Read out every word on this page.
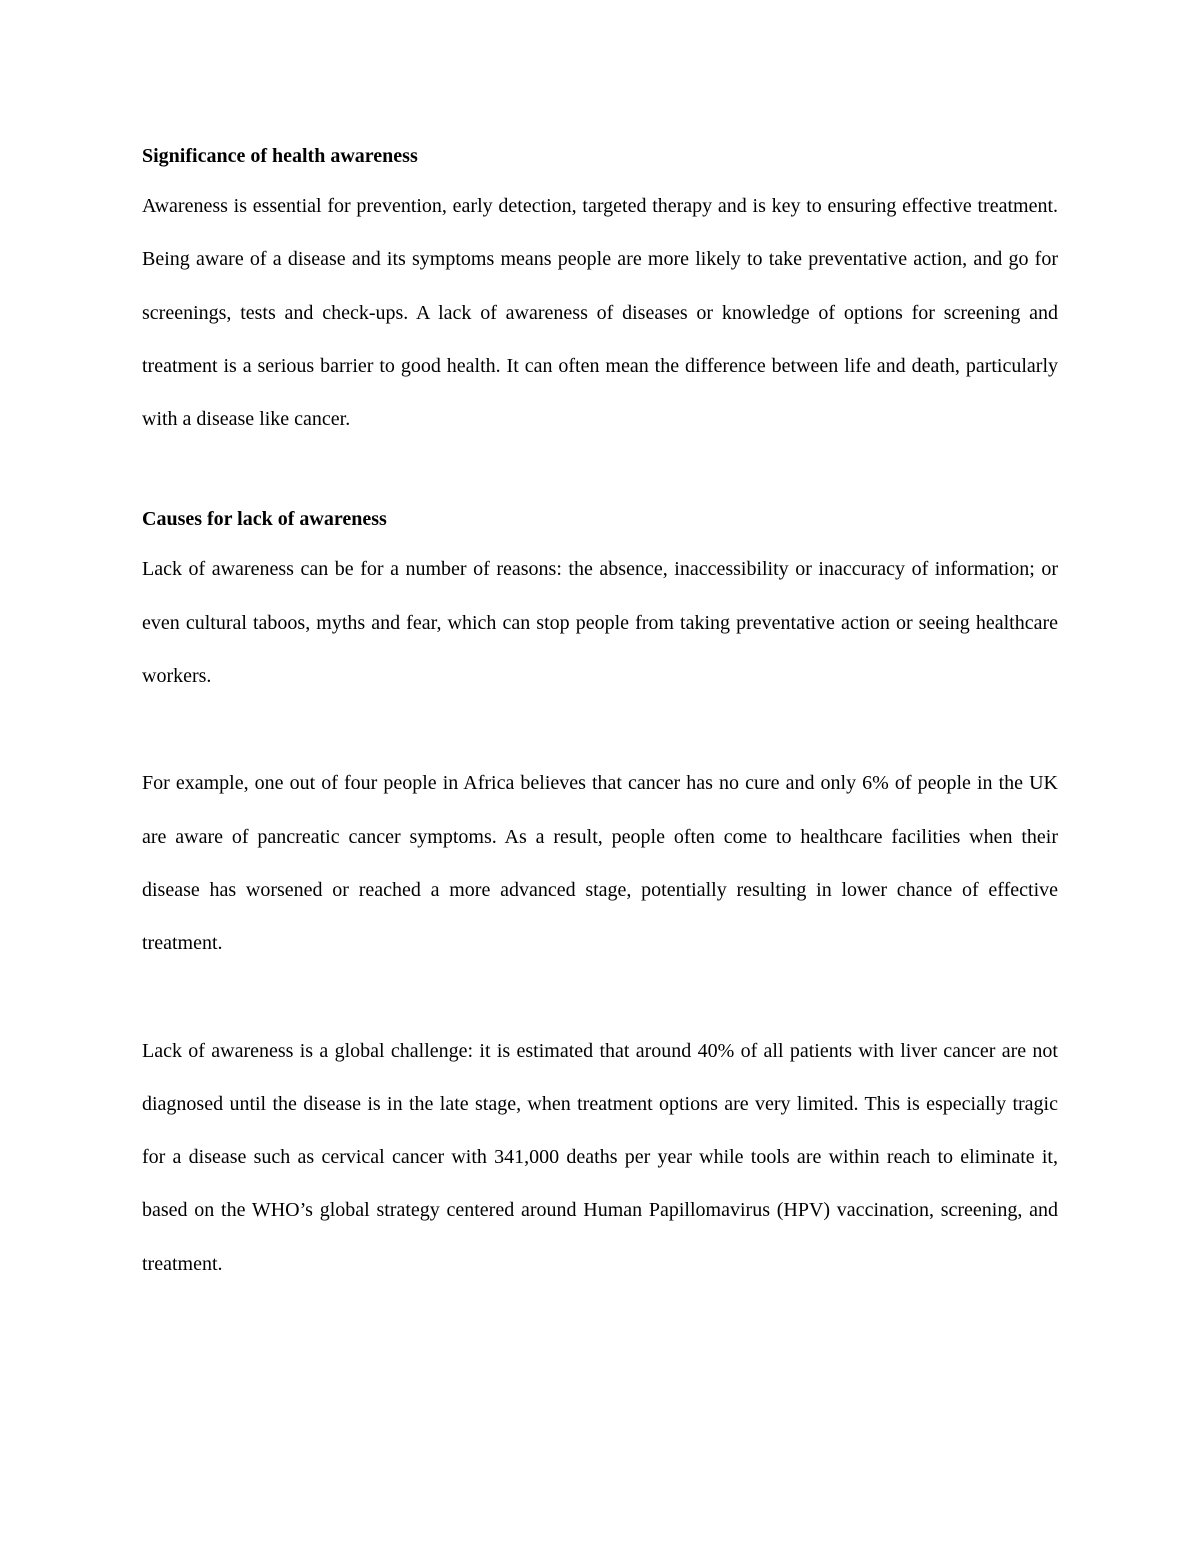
Significance of health awareness

Awareness is essential for prevention, early detection, targeted therapy and is key to ensuring effective treatment. Being aware of a disease and its symptoms means people are more likely to take preventative action, and go for screenings, tests and check-ups. A lack of awareness of diseases or knowledge of options for screening and treatment is a serious barrier to good health. It can often mean the difference between life and death, particularly with a disease like cancer.

Causes for lack of awareness

Lack of awareness can be for a number of reasons: the absence, inaccessibility or inaccuracy of information; or even cultural taboos, myths and fear, which can stop people from taking preventative action or seeing healthcare workers.

For example, one out of four people in Africa believes that cancer has no cure and only 6% of people in the UK are aware of pancreatic cancer symptoms. As a result, people often come to healthcare facilities when their disease has worsened or reached a more advanced stage, potentially resulting in lower chance of effective treatment.

Lack of awareness is a global challenge: it is estimated that around 40% of all patients with liver cancer are not diagnosed until the disease is in the late stage, when treatment options are very limited. This is especially tragic for a disease such as cervical cancer with 341,000 deaths per year while tools are within reach to eliminate it, based on the WHO’s global strategy centered around Human Papillomavirus (HPV) vaccination, screening, and treatment.
